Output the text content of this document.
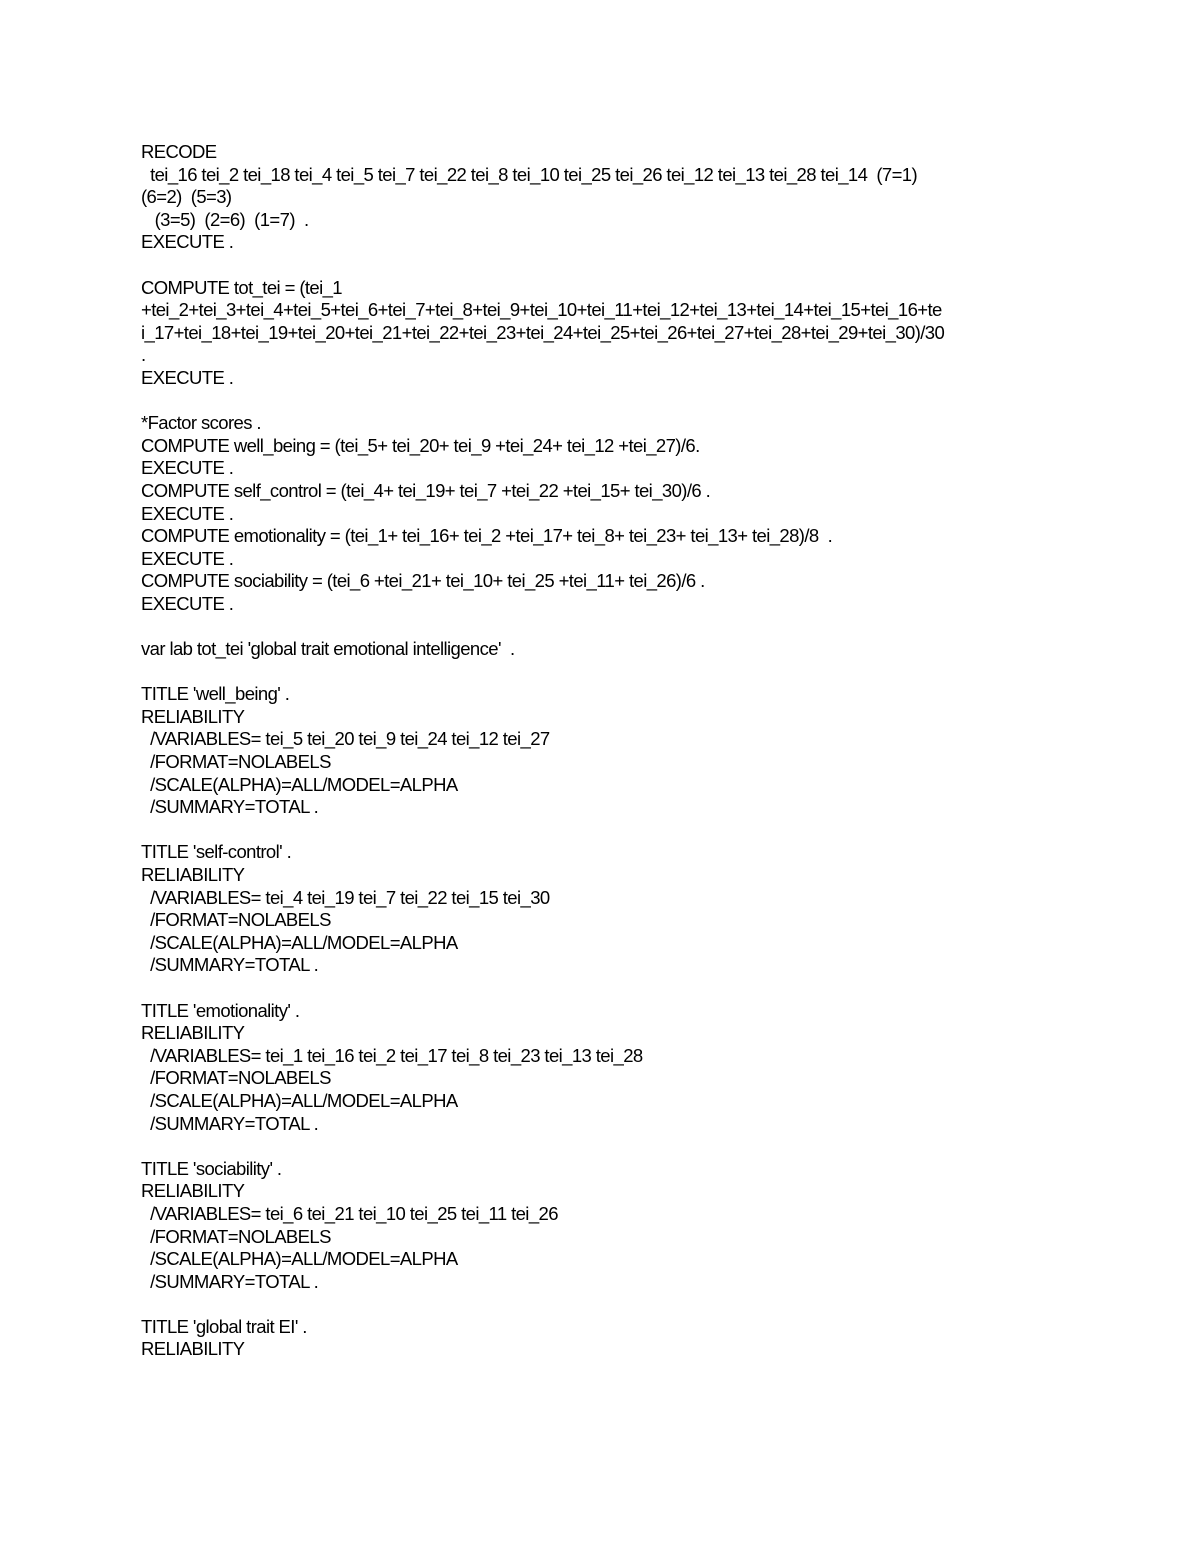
RECODE
tei_16 tei_2 tei_18 tei_4 tei_5 tei_7 tei_22 tei_8 tei_10 tei_25 tei_26 tei_12 tei_13 tei_28 tei_14  (7=1)
(6=2)  (5=3)
(3=5)  (2=6)  (1=7)  .
EXECUTE .
COMPUTE tot_tei = (tei_1
+tei_2+tei_3+tei_4+tei_5+tei_6+tei_7+tei_8+tei_9+tei_10+tei_11+tei_12+tei_13+tei_14+tei_15+tei_16+te
i_17+tei_18+tei_19+tei_20+tei_21+tei_22+tei_23+tei_24+tei_25+tei_26+tei_27+tei_28+tei_29+tei_30)/30
.
EXECUTE .
*Factor scores .
COMPUTE well_being = (tei_5+ tei_20+ tei_9 +tei_24+ tei_12 +tei_27)/6.
EXECUTE .
COMPUTE self_control = (tei_4+ tei_19+ tei_7 +tei_22 +tei_15+ tei_30)/6 .
EXECUTE .
COMPUTE emotionality = (tei_1+ tei_16+ tei_2 +tei_17+ tei_8+ tei_23+ tei_13+ tei_28)/8  .
EXECUTE .
COMPUTE sociability = (tei_6 +tei_21+ tei_10+ tei_25 +tei_11+ tei_26)/6 .
EXECUTE .
var lab tot_tei 'global trait emotional intelligence'  .
TITLE 'well_being' .
RELIABILITY
/VARIABLES= tei_5 tei_20 tei_9 tei_24 tei_12 tei_27
/FORMAT=NOLABELS
/SCALE(ALPHA)=ALL/MODEL=ALPHA
/SUMMARY=TOTAL .
TITLE 'self-control' .
RELIABILITY
/VARIABLES= tei_4 tei_19 tei_7 tei_22 tei_15 tei_30
/FORMAT=NOLABELS
/SCALE(ALPHA)=ALL/MODEL=ALPHA
/SUMMARY=TOTAL .
TITLE 'emotionality' .
RELIABILITY
/VARIABLES= tei_1 tei_16 tei_2 tei_17 tei_8 tei_23 tei_13 tei_28
/FORMAT=NOLABELS
/SCALE(ALPHA)=ALL/MODEL=ALPHA
/SUMMARY=TOTAL .
TITLE 'sociability' .
RELIABILITY
/VARIABLES= tei_6 tei_21 tei_10 tei_25 tei_11 tei_26
/FORMAT=NOLABELS
/SCALE(ALPHA)=ALL/MODEL=ALPHA
/SUMMARY=TOTAL .
TITLE 'global trait EI' .
RELIABILITY
